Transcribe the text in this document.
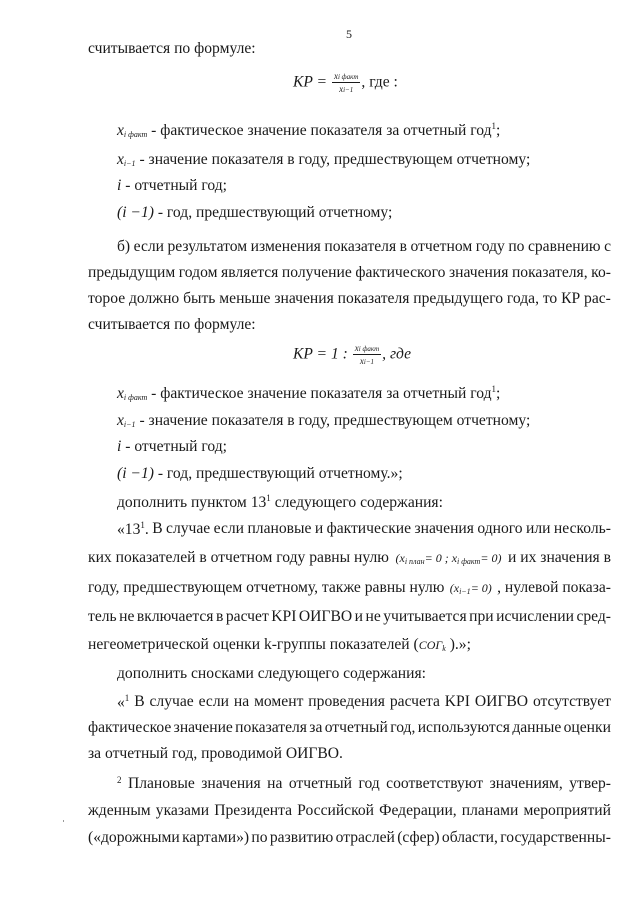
5
считывается по формуле:
KP = xi факт
xi−1 , где :
xi факт - фактическое значение показателя за отчетный год$^1$;
xi−1 - значение показателя в году, предшествующем отчетному;
i - отчетный год;
(i −1) - год, предшествующий отчетному;
б) если результатом изменения показателя в отчетном году по сравнению с
предыдущим годом является получение фактического значения показателя, ко-
торое должно быть меньше значения показателя предыдущего года, то КР рас-
считывается по формуле:
KP = 1 : xi факт
xi−1 , где
xi факт - фактическое значение показателя за отчетный год$^1$;
xi−1 - значение показателя в году, предшествующем отчетному;
i - отчетный год;
(i −1) - год, предшествующий отчетному.»;
дополнить пунктом $13^1$ следующего содержания:
«$13^1$. В случае если плановые и фактические значения одного или несколь-
ких показателей в отчетном году равны нулю (xi план= 0 ; xi факт= 0) и их значения в
году, предшествующем отчетному, также равны нулю (xi−1= 0) , нулевой показа-
тель не включается в расчет KPI ОИГВО и не учитывается при исчислении сред-
негеометрической оценки k-группы показателей (СОГk ).»;
дополнить сносками следующего содержания:
«$^1$ В случае если на момент проведения расчета KPI ОИГВО отсутствует
фактическое значение показателя за отчетный год, используются данные оценки
за отчетный год, проводимой ОИГВО.
2 Плановые значения на отчетный год соответствуют значениям, утвер-
жденным указами Президента Российской Федерации, планами мероприятий
(«дорожными картами») по развитию отраслей (сфер) области, государственны-
